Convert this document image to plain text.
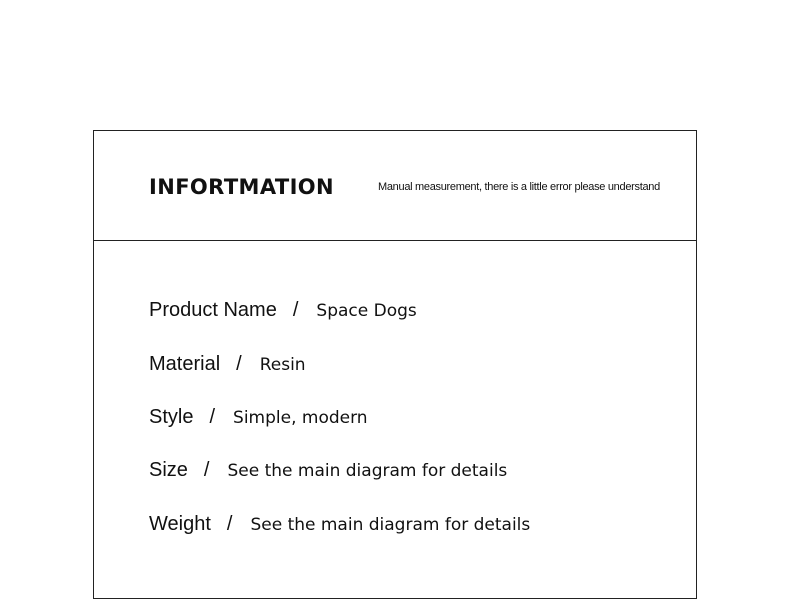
INFORTMATION	Manual measurement, there is a little error please understand
Product Name / Space Dogs
Material / Resin
Style / Simple, modern
Size / See the main diagram for details
Weight / See the main diagram for details
